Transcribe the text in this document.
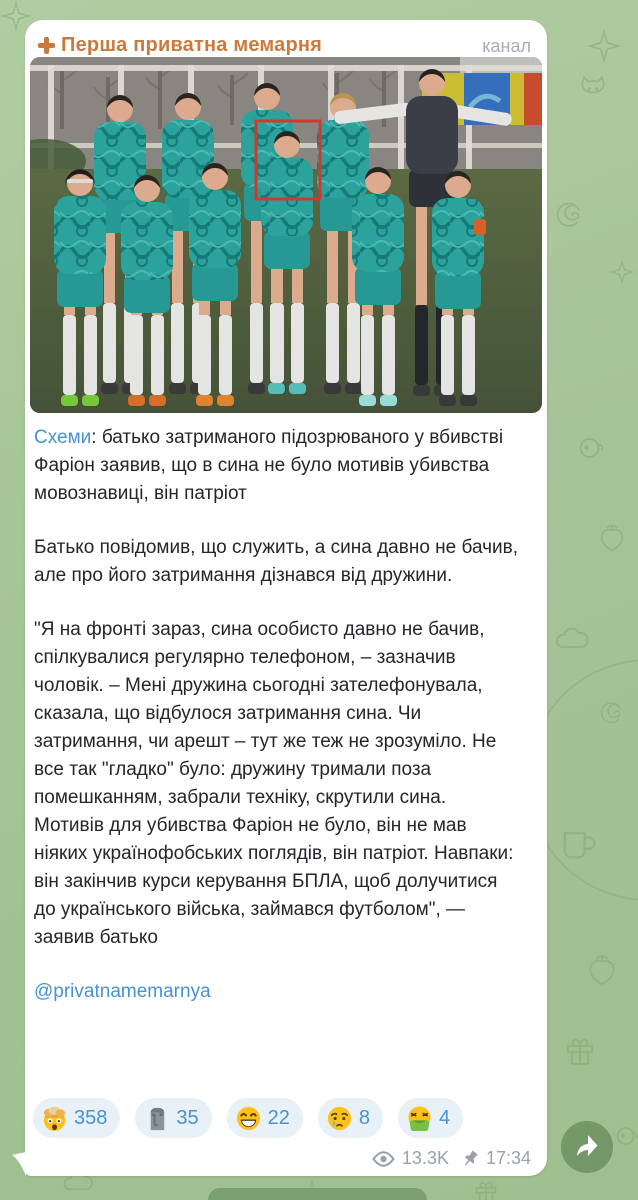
Перша приватна мемарня	канал

Схеми: батько затриманого підозрюваного у вбивстві Фаріон заявив, що в сина не було мотивів убивства мовознавиці, він патріот

Батько повідомив, що служить, а сина давно не бачив, але про його затримання дізнався від дружини.

"Я на фронті зараз, сина особисто давно не бачив, спілкувалися регулярно телефоном, – зазначив чоловік. – Мені дружина сьогодні зателефонувала, сказала, що відбулося затримання сина. Чи затримання, чи арешт – тут же теж не зрозуміло. Не все так "гладко" було: дружину тримали поза помешканням, забрали техніку, скрутили сина. Мотивів для убивства Фаріон не було, він не мав ніяких українофобських поглядів, він патріот. Навпаки: він закінчив курси керування БПЛА, щоб долучитися до українського війська, займався футболом", — заявив батько

@privatnamemarnya

358	35	22	8	4
13.3K 17:34
